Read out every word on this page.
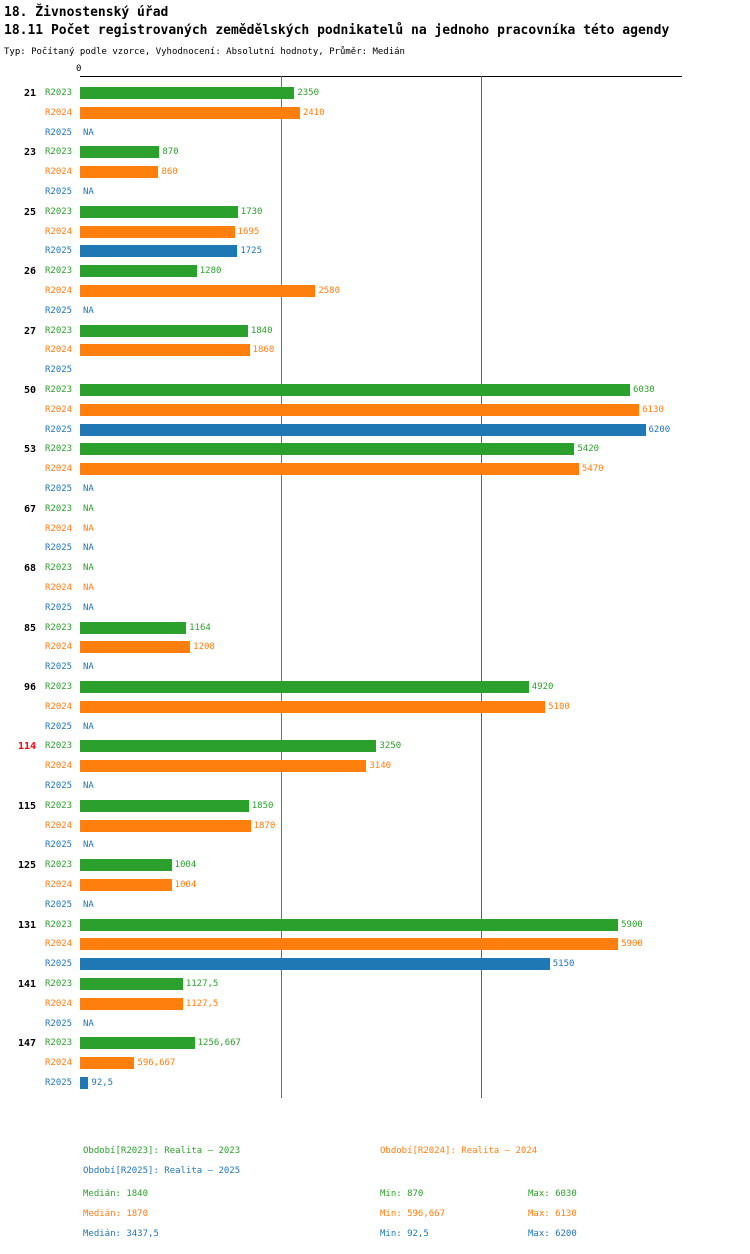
18. Živnostenský úřad
18.11 Počet registrovaných zemědělských podnikatelů na jednoho pracovníka této agendy
Typ: Počítaný podle vzorce, Vyhodnocení: Absolutní hodnoty, Průměr: Medián
0
21 R2023	2350
R2024	2410
R2025	NA
23 R2023	870
R2024	860
R2025	NA
25 R2023	1730
R2024	1695
R2025	1725
26 R2023	1280
R2024	2580
R2025	NA
27 R2023	1840
R2024	1860
R2025
50 R2023	6030
R2024	6130
R2025	6200
53 R2023	5420
R2024	5470
R2025	NA
67 R2023	NA
R2024	NA
R2025	NA
68 R2023	NA
R2024	NA
R2025	NA
85 R2023	1164
R2024	1208
R2025	NA
96 R2023	4920
R2024	5100
R2025	NA
114 R2023	3250
R2024	3140
R2025	NA
115 R2023	1850
R2024	1870
R2025	NA
125 R2023	1004
R2024	1004
R2025	NA
131 R2023	5900
R2024	5900
R2025	5150
141 R2023	1127,5
R2024	1127,5
R2025	NA
147 R2023	1256,667
R2024	596,667
R2025	92,5
Období[R2023]: Realita – 2023	Období[R2024]: Realita – 2024
Období[R2025]: Realita – 2025
Medián: 1840	Min: 870	Max: 6030
Medián: 1870	Min: 596,667	Max: 6130
Medián: 3437,5	Min: 92,5	Max: 6200
